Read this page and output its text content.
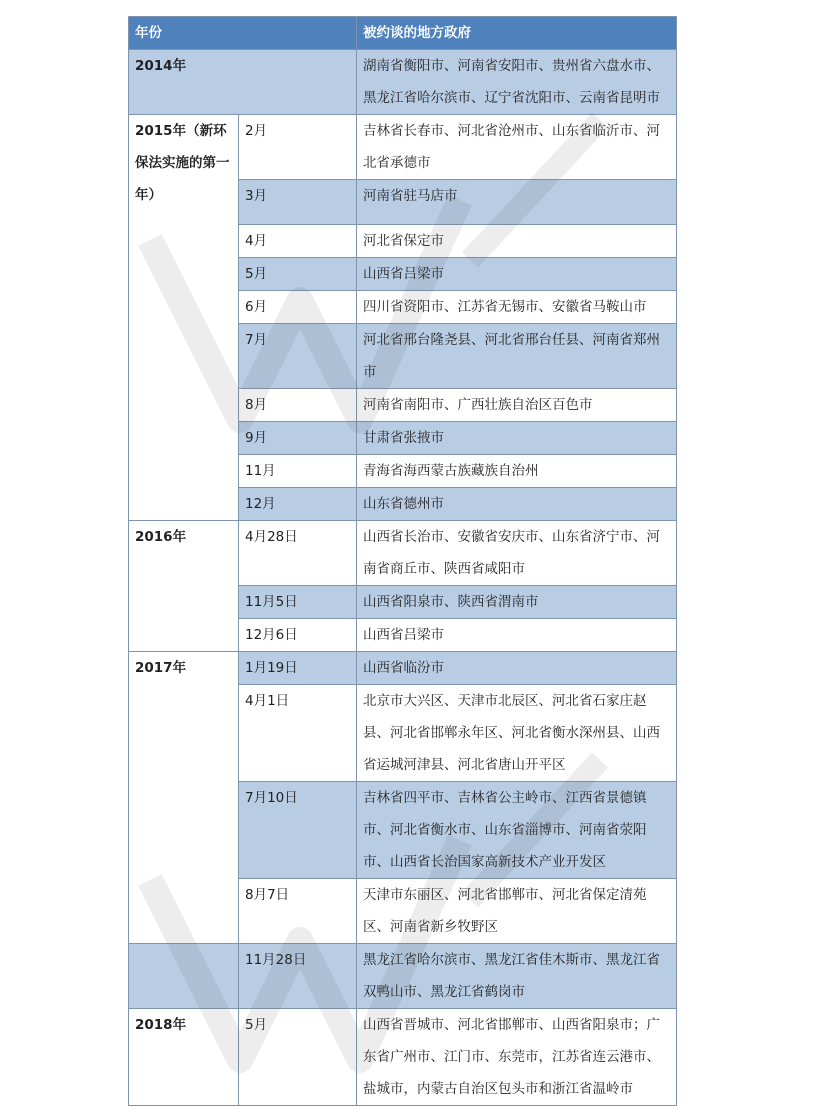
年份		被约谈的地方政府
2014年		湖南省衡阳市、河南省安阳市、贵州省六盘水市、黑龙江省哈尔滨市、辽宁省沈阳市、云南省昆明市
2015年（新环保法实施的第一年）	2月	吉林省长春市、河北省沧州市、山东省临沂市、河北省承德市
	3月	河南省驻马店市
	4月	河北省保定市
	5月	山西省吕梁市
	6月	四川省资阳市、江苏省无锡市、安徽省马鞍山市
	7月	河北省邢台隆尧县、河北省邢台任县、河南省郑州市
	8月	河南省南阳市、广西壮族自治区百色市
	9月	甘肃省张掖市
	11月	青海省海西蒙古族藏族自治州
	12月	山东省德州市
2016年	4月28日	山西省长治市、安徽省安庆市、山东省济宁市、河南省商丘市、陕西省咸阳市
	11月5日	山西省阳泉市、陕西省渭南市
	12月6日	山西省吕梁市
2017年	1月19日	山西省临汾市
	4月1日	北京市大兴区、天津市北辰区、河北省石家庄赵县、河北省邯郸永年区、河北省衡水深州县、山西省运城河津县、河北省唐山开平区
	7月10日	吉林省四平市、吉林省公主岭市、江西省景德镇市、河北省衡水市、山东省淄博市、河南省荥阳市、山西省长治国家高新技术产业开发区
	8月7日	天津市东丽区、河北省邯郸市、河北省保定清苑区、河南省新乡牧野区
	11月28日	黑龙江省哈尔滨市、黑龙江省佳木斯市、黑龙江省双鸭山市、黑龙江省鹤岗市
2018年	5月	山西省晋城市、河北省邯郸市、山西省阳泉市；广东省广州市、江门市、东莞市，江苏省连云港市、盐城市，内蒙古自治区包头市和浙江省温岭市
